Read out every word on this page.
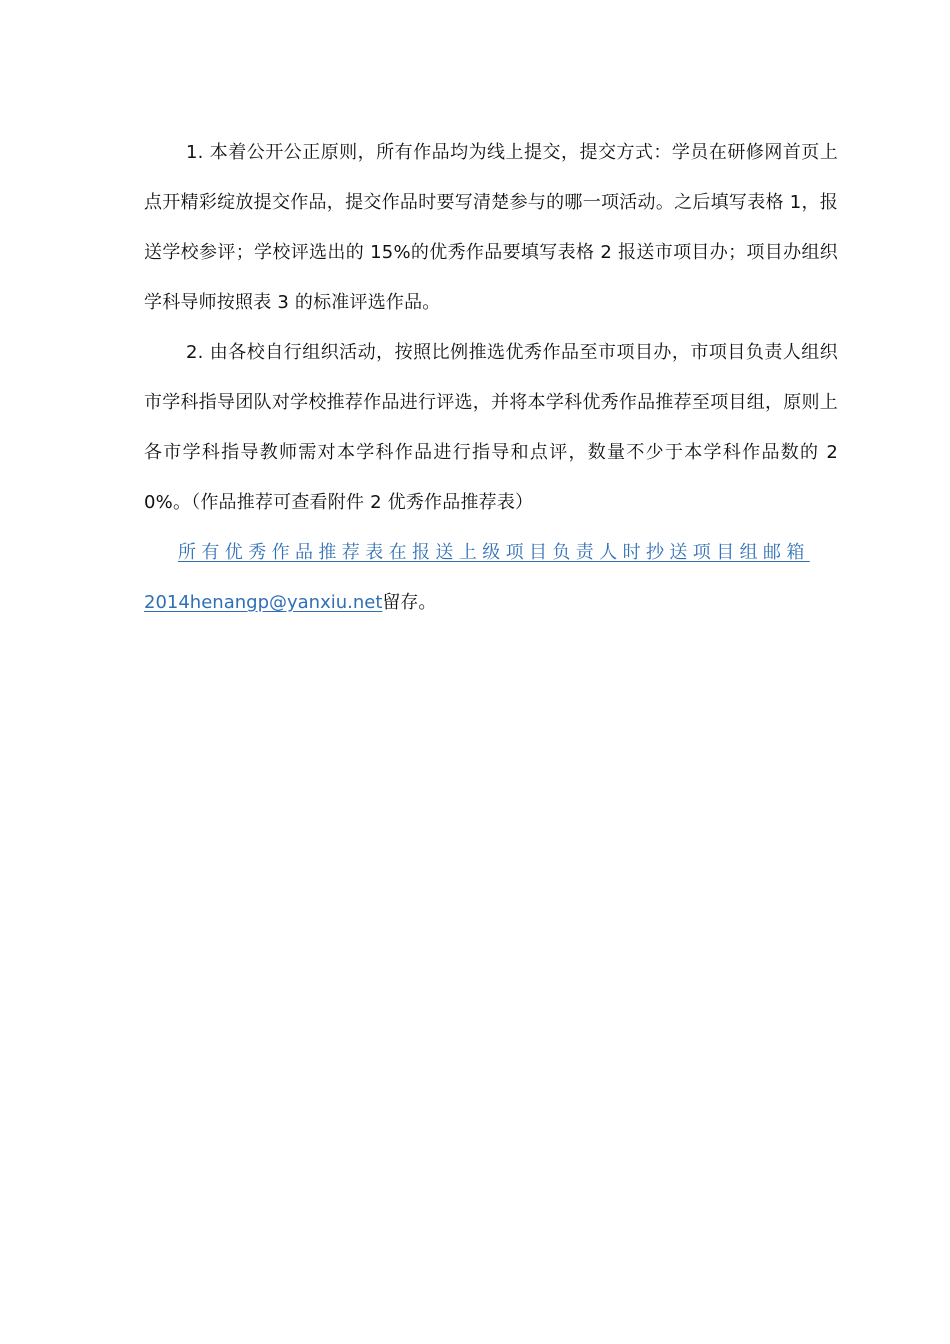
1. 本着公开公正原则，所有作品均为线上提交，提交方式：学员在研修网首页上点开精彩绽放提交作品，提交作品时要写清楚参与的哪一项活动。之后填写表格 1，报送学校参评；学校评选出的 15%的优秀作品要填写表格 2 报送市项目办；项目办组织学科导师按照表 3 的标准评选作品。

2. 由各校自行组织活动，按照比例推选优秀作品至市项目办，市项目负责人组织市学科指导团队对学校推荐作品进行评选，并将本学科优秀作品推荐至项目组，原则上各市学科指导教师需对本学科作品进行指导和点评，数量不少于本学科作品数的 20%。（作品推荐可查看附件 2 优秀作品推荐表）

所有优秀作品推荐表在报送上级项目负责人时抄送项目组邮箱
2014henangp@yanxiu.net留存。
